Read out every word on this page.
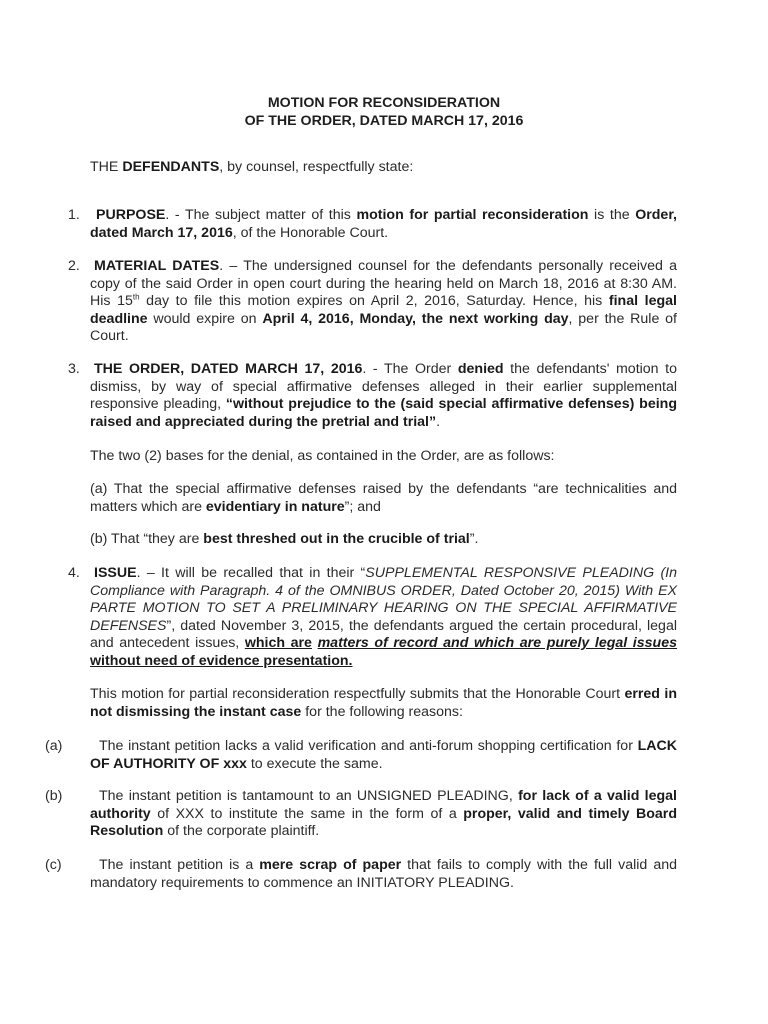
MOTION FOR RECONSIDERATION
OF THE ORDER, DATED MARCH 17, 2016
THE DEFENDANTS, by counsel, respectfully state:
1.	PURPOSE. - The subject matter of this motion for partial reconsideration is the Order, dated March 17, 2016, of the Honorable Court.
2. MATERIAL DATES. – The undersigned counsel for the defendants personally received a copy of the said Order in open court during the hearing held on March 18, 2016 at 8:30 AM. His 15th day to file this motion expires on April 2, 2016, Saturday. Hence, his final legal deadline would expire on April 4, 2016, Monday, the next working day, per the Rule of Court.
3. THE ORDER, DATED MARCH 17, 2016. - The Order denied the defendants' motion to dismiss, by way of special affirmative defenses alleged in their earlier supplemental responsive pleading, “without prejudice to the (said special affirmative defenses) being raised and appreciated during the pretrial and trial”.
The two (2) bases for the denial, as contained in the Order, are as follows:
(a) That the special affirmative defenses raised by the defendants “are technicalities and matters which are evidentiary in nature”; and
(b) That “they are best threshed out in the crucible of trial”.
4. ISSUE. – It will be recalled that in their “SUPPLEMENTAL RESPONSIVE PLEADING (In Compliance with Paragraph. 4 of the OMNIBUS ORDER, Dated October 20, 2015) With EX PARTE MOTION TO SET A PRELIMINARY HEARING ON THE SPECIAL AFFIRMATIVE DEFENSES”, dated November 3, 2015, the defendants argued the certain procedural, legal and antecedent issues, which are matters of record and which are purely legal issues without need of evidence presentation.
This motion for partial reconsideration respectfully submits that the Honorable Court erred in not dismissing the instant case for the following reasons:
(a)	The instant petition lacks a valid verification and anti-forum shopping certification for LACK OF AUTHORITY OF xxx to execute the same.
(b)	The instant petition is tantamount to an UNSIGNED PLEADING, for lack of a valid legal authority of XXX to institute the same in the form of a proper, valid and timely Board Resolution of the corporate plaintiff.
(c)	The instant petition is a mere scrap of paper that fails to comply with the full valid and mandatory requirements to commence an INITIATORY PLEADING.
